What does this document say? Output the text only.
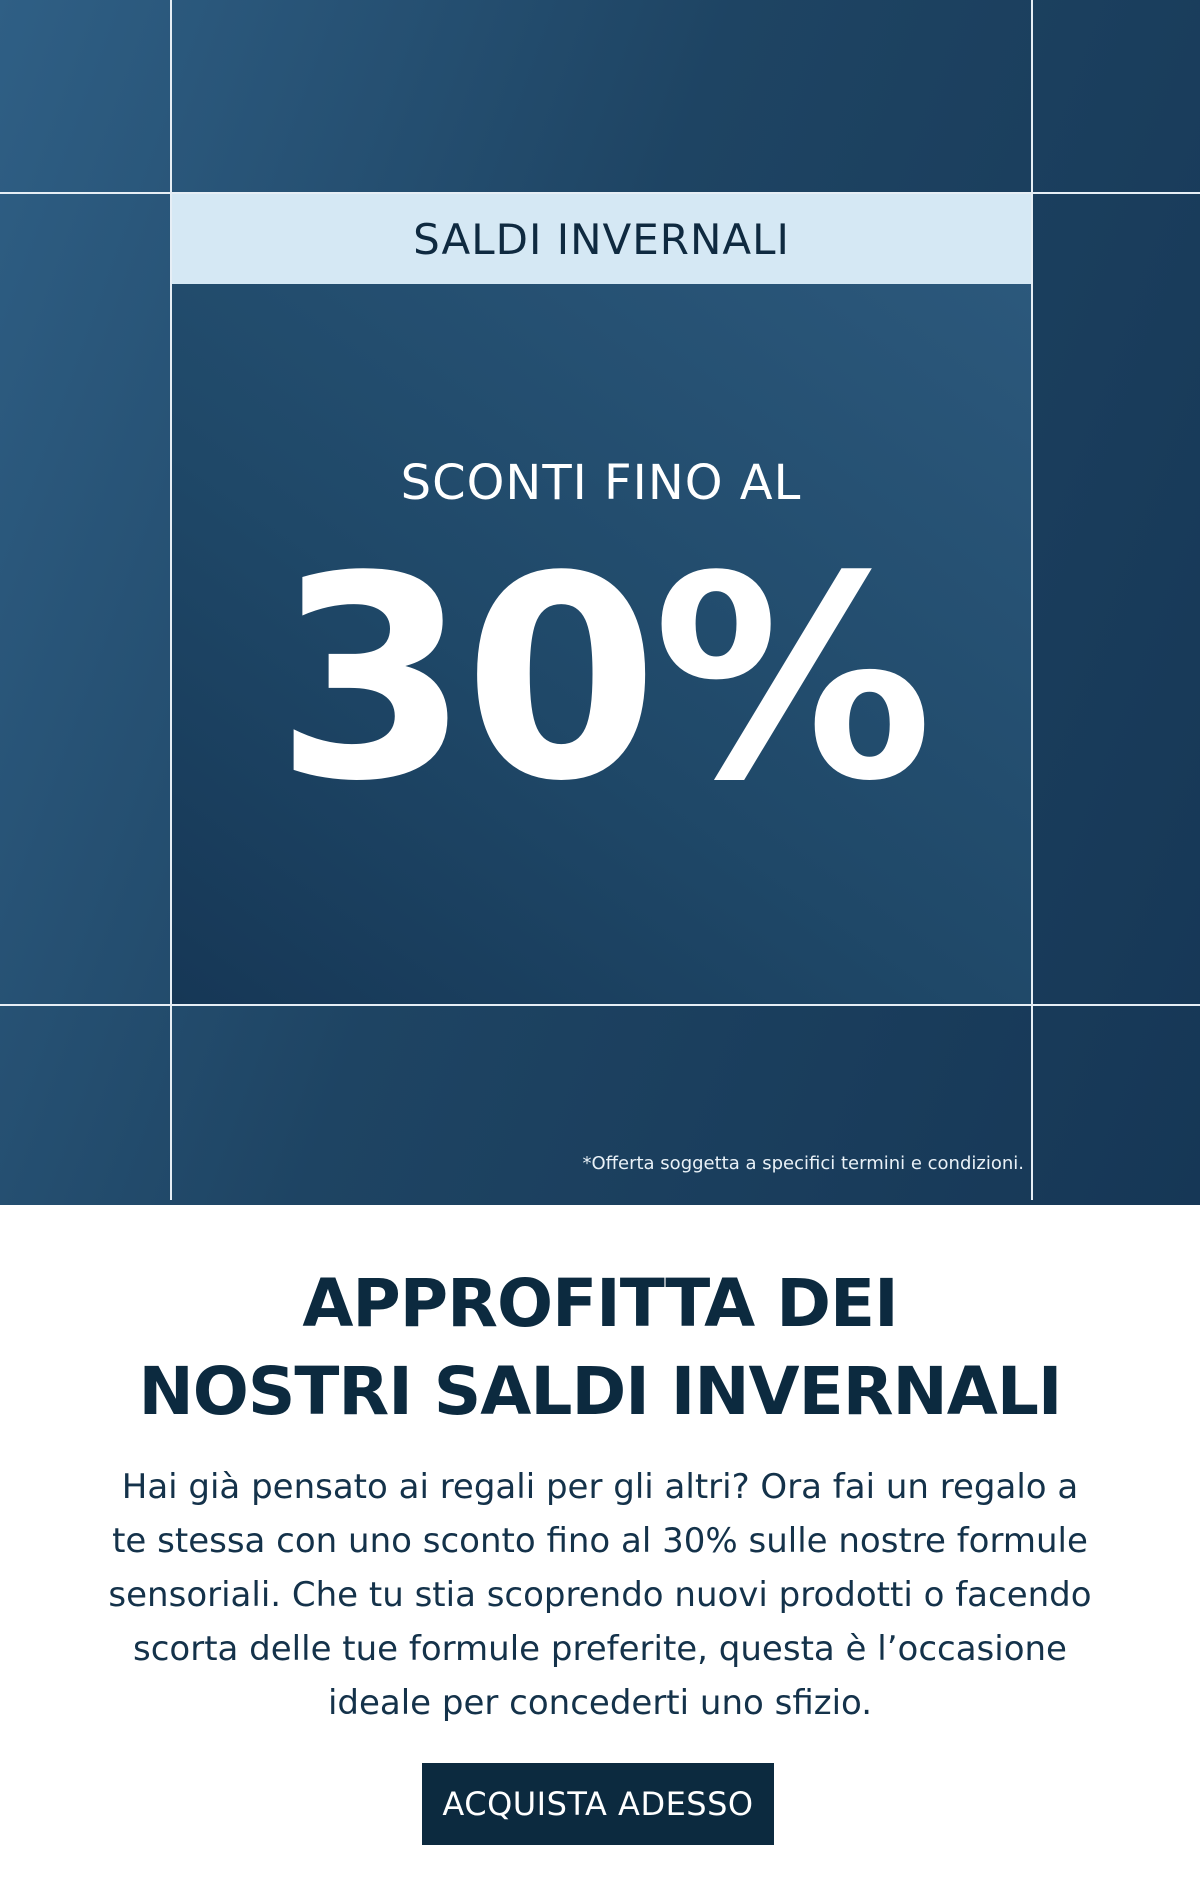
SALDI INVERNALI
SCONTI FINO AL
30%
*Offerta soggetta a specifici termini e condizioni.
APPROFITTA DEI
NOSTRI SALDI INVERNALI

Hai già pensato ai regali per gli altri? Ora fai un regalo a te stessa con uno sconto fino al 30% sulle nostre formule sensoriali. Che tu stia scoprendo nuovi prodotti o facendo scorta delle tue formule preferite, questa è l’occasione ideale per concederti uno sfizio.

ACQUISTA ADESSO
